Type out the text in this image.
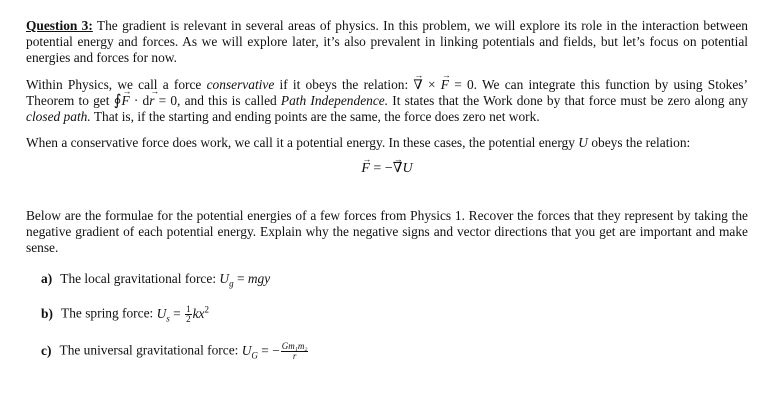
Question 3: The gradient is relevant in several areas of physics. In this problem, we will explore its role in the interaction between potential energy and forces. As we will explore later, it’s also prevalent in linking potentials and fields, but let’s focus on potential energies and forces for now.

Within Physics, we call a force conservative if it obeys the relation: → ∇ × → F = 0. We can integrate this function by using Stokes’ Theorem to get ∮→ F · d→ r = 0, and this is called Path Independence. It states that the Work done by that force must be zero along any closed path. That is, if the starting and ending points are the same, the force does zero net work.

When a conservative force does work, we call it a potential energy. In these cases, the potential energy U obeys the relation:

→ F = −→ ∇U

Below are the formulae for the potential energies of a few forces from Physics 1. Recover the forces that they represent by taking the negative gradient of each potential energy. Explain why the negative signs and vector directions that you get are important and make sense.

a) The local gravitational force: $U_g$ = mgy
b) The spring force: $U_s = \frac{1}{2} kx^2$
c) The universal gravitational force: $U_G$ = − $\frac{\text{Gm₁m₂}}{r}$
